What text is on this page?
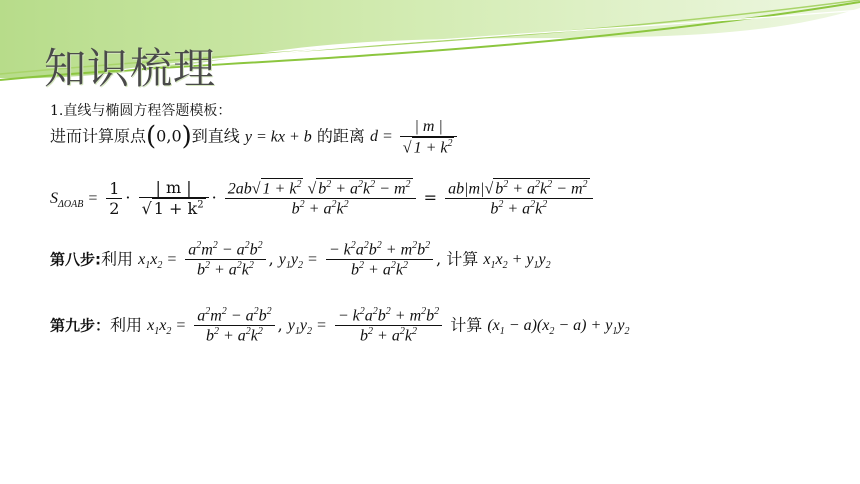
知识梳理
1.直线与椭圆方程答题模板：
进而计算原点(0,0)到直线 y = kx + b 的距离 $d = \frac{| m |}{√ 1 + k^2}$
$S_{\Delta OAB} = \frac{1}{2} \cdot \frac{| m |}{√ 1 + k^2} \cdot \frac{2ab√ 1 + k^2 √ b^2 + a^2k^2 - m^2}{b^2 + a^2k^2} = \frac{ab|m|√ b^2 + a^2k^2 - m^2}{b^2 + a^2k^2}$
第八步:利用 $x_1x_2 = \frac{a^2m^2 - a^2b^2}{b^2 + a^2k^2}$ , $y_1y_2 = \frac{- k^2a^2b^2 + m^2b^2}{b^2 + a^2k^2}$ , 计算 $x_1x_2 + y_1y_2$
第九步：利用 $x_1x_2 = \frac{a^2m^2 - a^2b^2}{b^2 + a^2k^2}$ , $y_1y_2 = \frac{- k^2a^2b^2 + m^2b^2}{b^2 + a^2k^2}$ 计算 $(x_1 - a)(x_2 - a) + y_1y_2$
